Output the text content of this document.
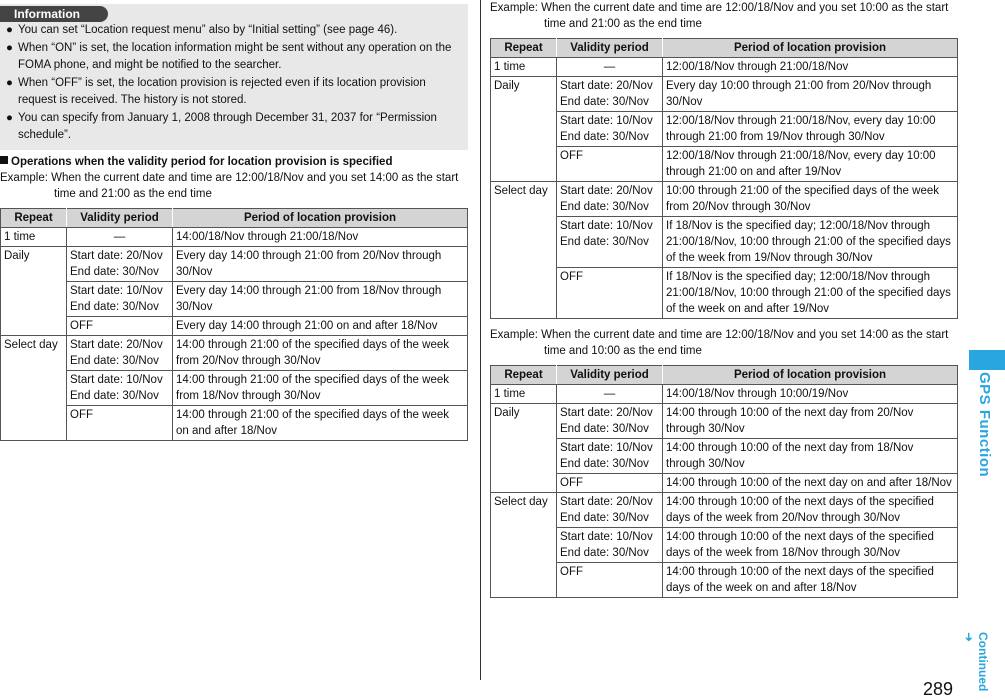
Information
● You can set “Location request menu” also by “Initial setting” (see page 46).
● When “ON” is set, the location information might be sent without any operation on the FOMA phone, and might be notified to the searcher.
● When “OFF” is set, the location provision is rejected even if its location provision request is received. The history is not stored.
● You can specify from January 1, 2008 through December 31, 2037 for “Permission schedule”.
Operations when the validity period for location provision is specified
Example: When the current date and time are 12:00/18/Nov and you set 14:00 as the start time and 21:00 as the end time
Repeat	Validity period	Period of location provision
1 time	—	14:00/18/Nov through 21:00/18/Nov
Daily	Start date: 20/Nov End date: 30/Nov	Every day 14:00 through 21:00 from 20/Nov through 30/Nov
	Start date: 10/Nov End date: 30/Nov	Every day 14:00 through 21:00 from 18/Nov through 30/Nov
	OFF	Every day 14:00 through 21:00 on and after 18/Nov
Select day	Start date: 20/Nov End date: 30/Nov	14:00 through 21:00 of the specified days of the week from 20/Nov through 30/Nov
	Start date: 10/Nov End date: 30/Nov	14:00 through 21:00 of the specified days of the week from 18/Nov through 30/Nov
	OFF	14:00 through 21:00 of the specified days of the week on and after 18/Nov
Example: When the current date and time are 12:00/18/Nov and you set 10:00 as the start time and 21:00 as the end time
Repeat	Validity period	Period of location provision
1 time	—	12:00/18/Nov through 21:00/18/Nov
Daily	Start date: 20/Nov End date: 30/Nov	Every day 10:00 through 21:00 from 20/Nov through 30/Nov
	Start date: 10/Nov End date: 30/Nov	12:00/18/Nov through 21:00/18/Nov, every day 10:00 through 21:00 from 19/Nov through 30/Nov
	OFF	12:00/18/Nov through 21:00/18/Nov, every day 10:00 through 21:00 on and after 19/Nov
Select day	Start date: 20/Nov End date: 30/Nov	10:00 through 21:00 of the specified days of the week from 20/Nov through 30/Nov
	Start date: 10/Nov End date: 30/Nov	If 18/Nov is the specified day; 12:00/18/Nov through 21:00/18/Nov, 10:00 through 21:00 of the specified days of the week from 19/Nov through 30/Nov
	OFF	If 18/Nov is the specified day; 12:00/18/Nov through 21:00/18/Nov, 10:00 through 21:00 of the specified days of the week on and after 19/Nov
Example: When the current date and time are 12:00/18/Nov and you set 14:00 as the start time and 10:00 as the end time
Repeat	Validity period	Period of location provision
1 time	—	14:00/18/Nov through 10:00/19/Nov
Daily	Start date: 20/Nov End date: 30/Nov	14:00 through 10:00 of the next day from 20/Nov through 30/Nov
	Start date: 10/Nov End date: 30/Nov	14:00 through 10:00 of the next day from 18/Nov through 30/Nov
	OFF	14:00 through 10:00 of the next day on and after 18/Nov
Select day	Start date: 20/Nov End date: 30/Nov	14:00 through 10:00 of the next days of the specified days of the week from 20/Nov through 30/Nov
	Start date: 10/Nov End date: 30/Nov	14:00 through 10:00 of the next days of the specified days of the week from 18/Nov through 30/Nov
	OFF	14:00 through 10:00 of the next days of the specified days of the week on and after 18/Nov
GPS Function
Continued ➜
289
